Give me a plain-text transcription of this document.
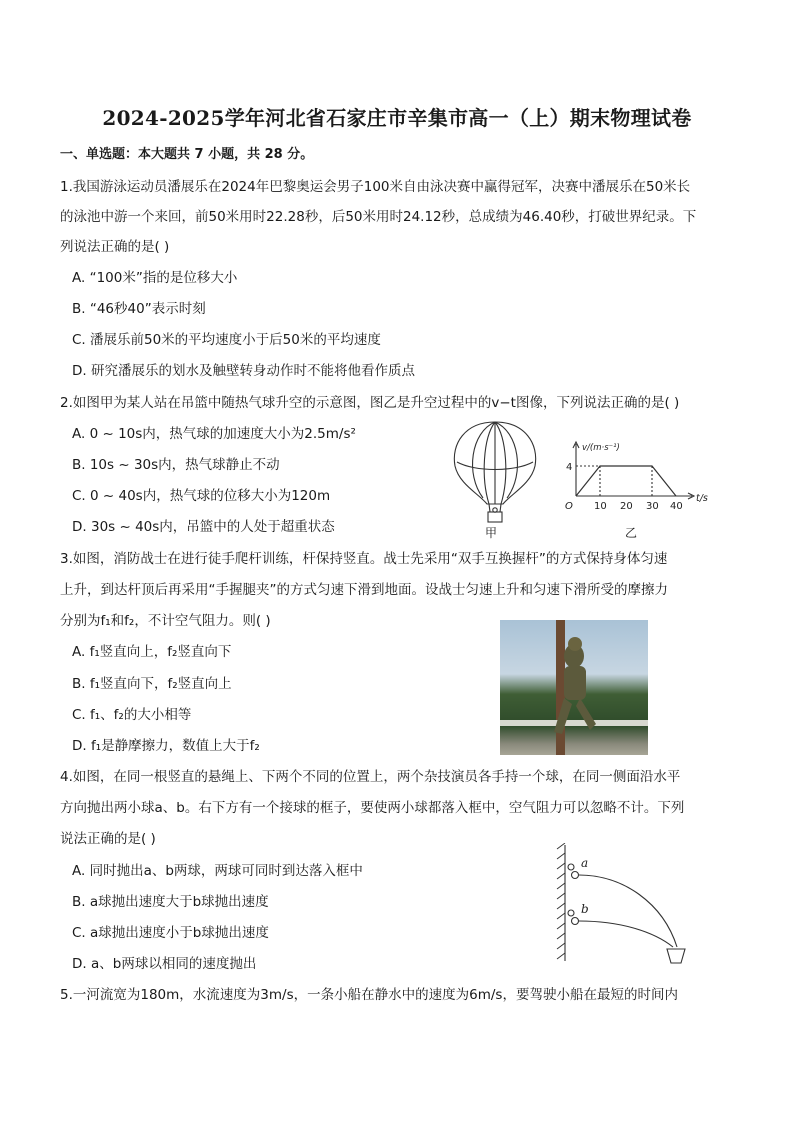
2024-2025学年河北省石家庄市辛集市高一（上）期末物理试卷
一、单选题：本大题共 7 小题，共 28 分。
1.我国游泳运动员潘展乐在2024年巴黎奥运会男子100米自由泳决赛中赢得冠军，决赛中潘展乐在50米长
的泳池中游一个来回，前50米用时22.28秒，后50米用时24.12秒，总成绩为46.40秒，打破世界纪录。下
列说法正确的是( )
A. “100米”指的是位移大小
B. “46秒40”表示时刻
C. 潘展乐前50米的平均速度小于后50米的平均速度
D. 研究潘展乐的划水及触壁转身动作时不能将他看作质点
2.如图甲为某人站在吊篮中随热气球升空的示意图，图乙是升空过程中的v−t图像，下列说法正确的是( )
A. 0 ~ 10s内，热气球的加速度大小为2.5m/s²
B. 10s ~ 30s内，热气球静止不动
C. 0 ~ 40s内，热气球的位移大小为120m
D. 30s ~ 40s内，吊篮中的人处于超重状态	甲
v/(m·s⁻¹)
t/s
O
4
10 20 30 40
乙
3.如图，消防战士在进行徒手爬杆训练，杆保持竖直。战士先采用“双手互换握杆”的方式保持身体匀速
上升，到达杆顶后再采用“手握腿夹”的方式匀速下滑到地面。设战士匀速上升和匀速下滑所受的摩擦力
分别为f₁和f₂，不计空气阻力。则( )
A. f₁竖直向上，f₂竖直向下
B. f₁竖直向下，f₂竖直向上
C. f₁、f₂的大小相等
D. f₁是静摩擦力，数值上大于f₂
4.如图，在同一根竖直的悬绳上、下两个不同的位置上，两个杂技演员各手持一个球，在同一侧面沿水平
方向抛出两小球a、b。右下方有一个接球的框子，要使两小球都落入框中，空气阻力可以忽略不计。下列
说法正确的是( )
A. 同时抛出a、b两球，两球可同时到达落入框中
B. a球抛出速度大于b球抛出速度
C. a球抛出速度小于b球抛出速度
D. a、b两球以相同的速度抛出
a
b
5.一河流宽为180m，水流速度为3m/s，一条小船在静水中的速度为6m/s，要驾驶小船在最短的时间内
